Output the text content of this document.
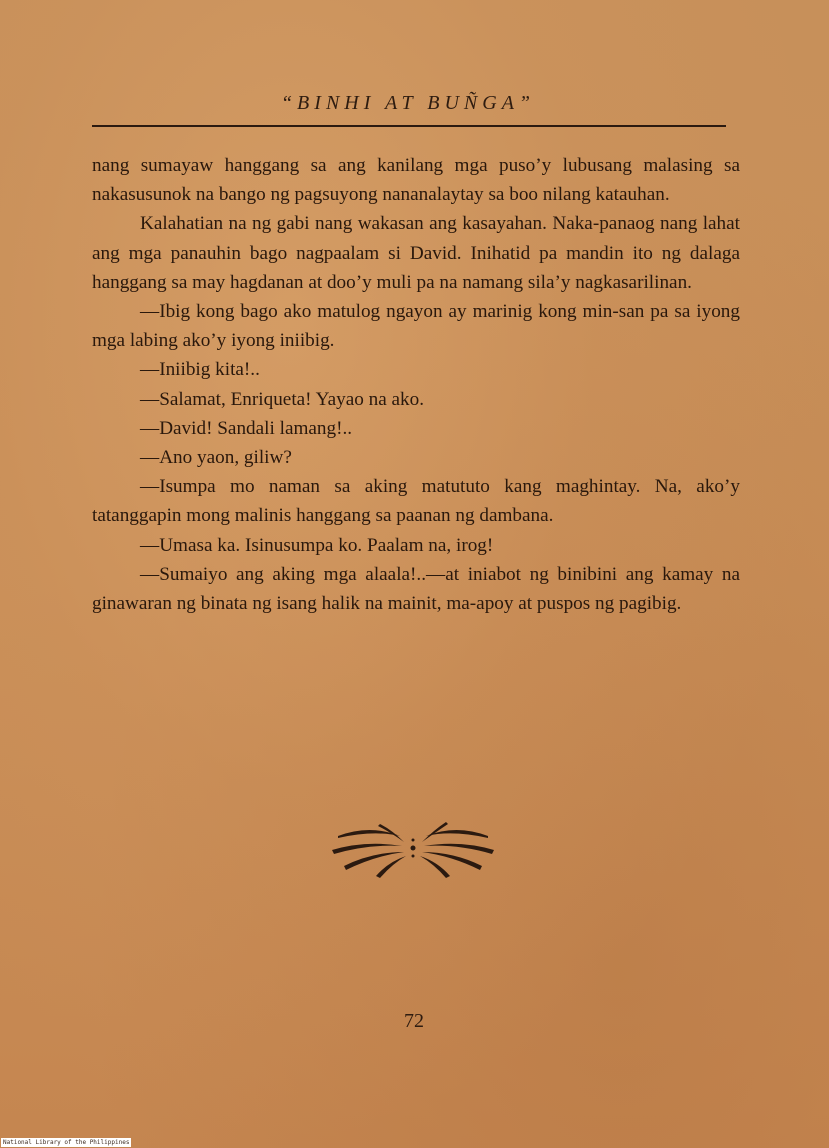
“BINHI AT BUÑGA”

nang sumayaw hanggang sa ang kanilang mga puso’y lubusang malasing sa nakasusunok na bango ng pagsuyong nananalaytay sa boo nilang katauhan.

Kalahatian na ng gabi nang wakasan ang kasayahan. Naka-panaog nang lahat ang mga panauhin bago nagpaalam si David. Inihatid pa mandin ito ng dalaga hanggang sa may hagdanan at doo’y muli pa na namang sila’y nagkasarilinan.

—Ibig kong bago ako matulog ngayon ay marinig kong min-san pa sa iyong mga labing ako’y iyong iniibig.

—Iniibig kita!..

—Salamat, Enriqueta! Yayao na ako.

—David! Sandali lamang!..

—Ano yaon, giliw?

—Isumpa mo naman sa aking matututo kang maghintay. Na, ako’y tatanggapin mong malinis hanggang sa paanan ng dambana.

—Umasa ka. Isinusumpa ko. Paalam na, irog!

—Sumaiyo ang aking mga alaala!..—at iniabot ng binibini ang kamay na ginawaran ng binata ng isang halik na mainit, ma-apoy at puspos ng pagibig.

72
National Library of the Philippines
